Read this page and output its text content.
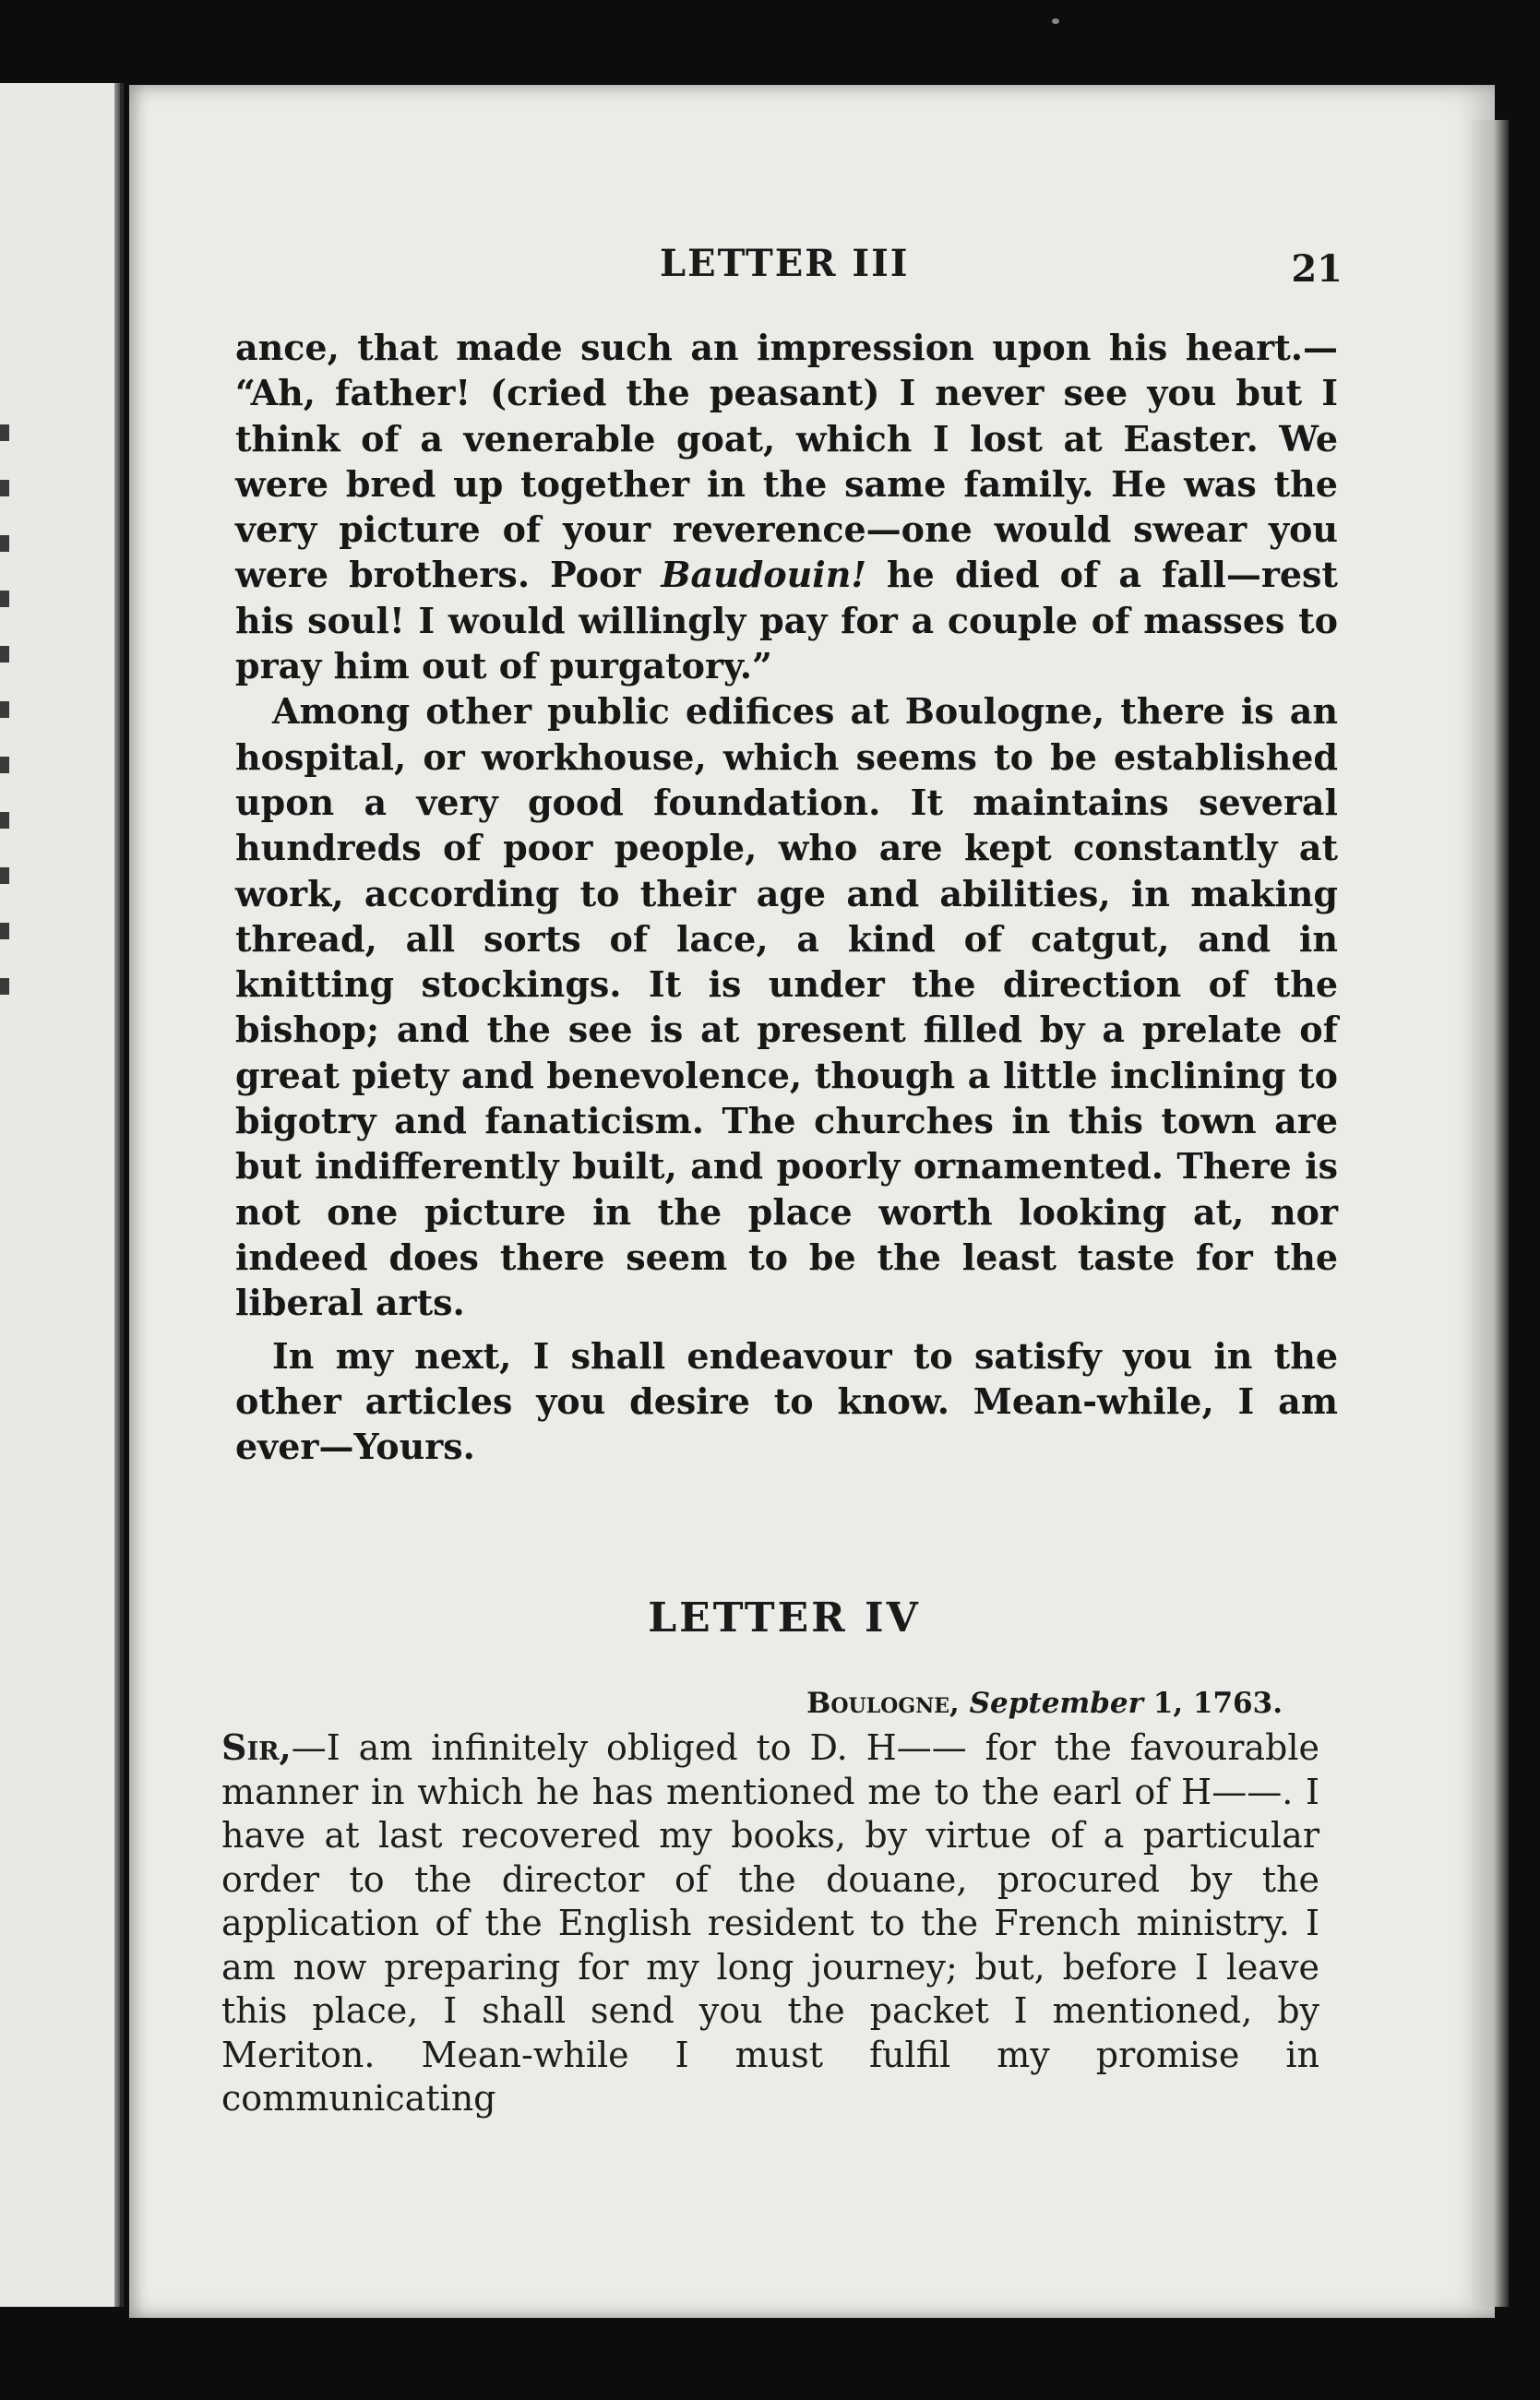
LETTER III	21

ance, that made such an impression upon his heart.— “Ah, father! (cried the peasant) I never see you but I think of a venerable goat, which I lost at Easter. We were bred up together in the same family. He was the very picture of your reverence—one would swear you were brothers. Poor Baudouin! he died of a fall—rest his soul! I would willingly pay for a couple of masses to pray him out of purgatory.”

Among other public edifices at Boulogne, there is an hospital, or workhouse, which seems to be established upon a very good foundation. It maintains several hundreds of poor people, who are kept constantly at work, according to their age and abilities, in making thread, all sorts of lace, a kind of catgut, and in knitting stockings. It is under the direction of the bishop; and the see is at present filled by a prelate of great piety and benevolence, though a little inclining to bigotry and fanaticism. The churches in this town are but indifferently built, and poorly ornamented. There is not one picture in the place worth looking at, nor indeed does there seem to be the least taste for the liberal arts.

In my next, I shall endeavour to satisfy you in the other articles you desire to know. Mean-while, I am ever—Yours.

LETTER IV
Boulogne, September 1, 1763.

Sir,—I am infinitely obliged to D. H—— for the favourable manner in which he has mentioned me to the earl of H——. I have at last recovered my books, by virtue of a particular order to the director of the douane, procured by the application of the English resident to the French ministry. I am now preparing for my long journey; but, before I leave this place, I shall send you the packet I mentioned, by Meriton. Mean-while I must fulfil my promise in communicating
